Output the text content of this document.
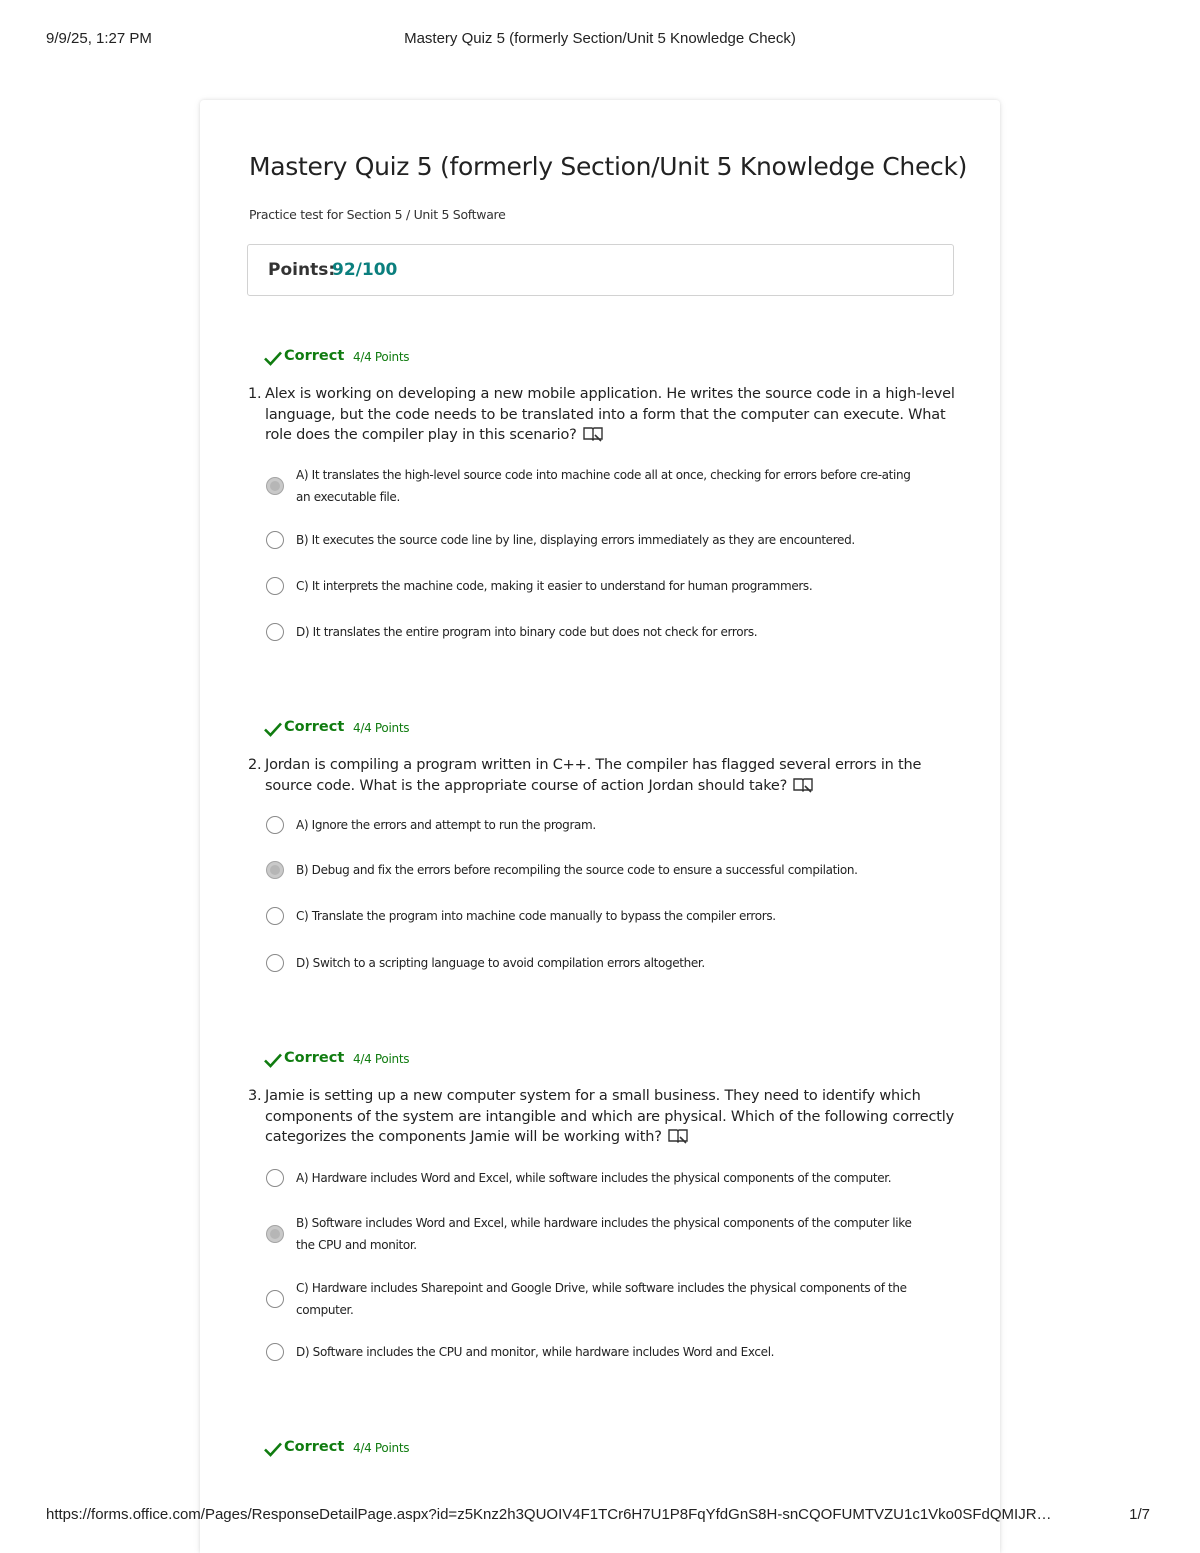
9/9/25, 1:27 PM	Mastery Quiz 5 (formerly Section/Unit 5 Knowledge Check)
Mastery Quiz 5 (formerly Section/Unit 5 Knowledge Check)
Practice test for Section 5 / Unit 5 Software
Points:
92/100
Correct 4/4 Points
1. Alex is working on developing a new mobile application. He writes the source code in a high-level language, but the code needs to be translated into a form that the computer can execute. What role does the compiler play in this scenario?
A) It translates the high-level source code into machine code all at once, checking for errors before cre-ating an executable file.
B) It executes the source code line by line, displaying errors immediately as they are encountered.
C) It interprets the machine code, making it easier to understand for human programmers.
D) It translates the entire program into binary code but does not check for errors.
Correct 4/4 Points
2. Jordan is compiling a program written in C++. The compiler has flagged several errors in the source code. What is the appropriate course of action Jordan should take?
A) Ignore the errors and attempt to run the program.
B) Debug and fix the errors before recompiling the source code to ensure a successful compilation.
C) Translate the program into machine code manually to bypass the compiler errors.
D) Switch to a scripting language to avoid compilation errors altogether.
Correct 4/4 Points
3. Jamie is setting up a new computer system for a small business. They need to identify which components of the system are intangible and which are physical. Which of the following correctly categorizes the components Jamie will be working with?
A) Hardware includes Word and Excel, while software includes the physical components of the computer.
B) Software includes Word and Excel, while hardware includes the physical components of the computer like the CPU and monitor.
C) Hardware includes Sharepoint and Google Drive, while software includes the physical components of the computer.
D) Software includes the CPU and monitor, while hardware includes Word and Excel.
Correct 4/4 Points
https://forms.office.com/Pages/ResponseDetailPage.aspx?id=z5Knz2h3QUOIV4F1TCr6H7U1P8FqYfdGnS8H-snCQOFUMTVZU1c1Vko0SFdQMIJR…	1/7
